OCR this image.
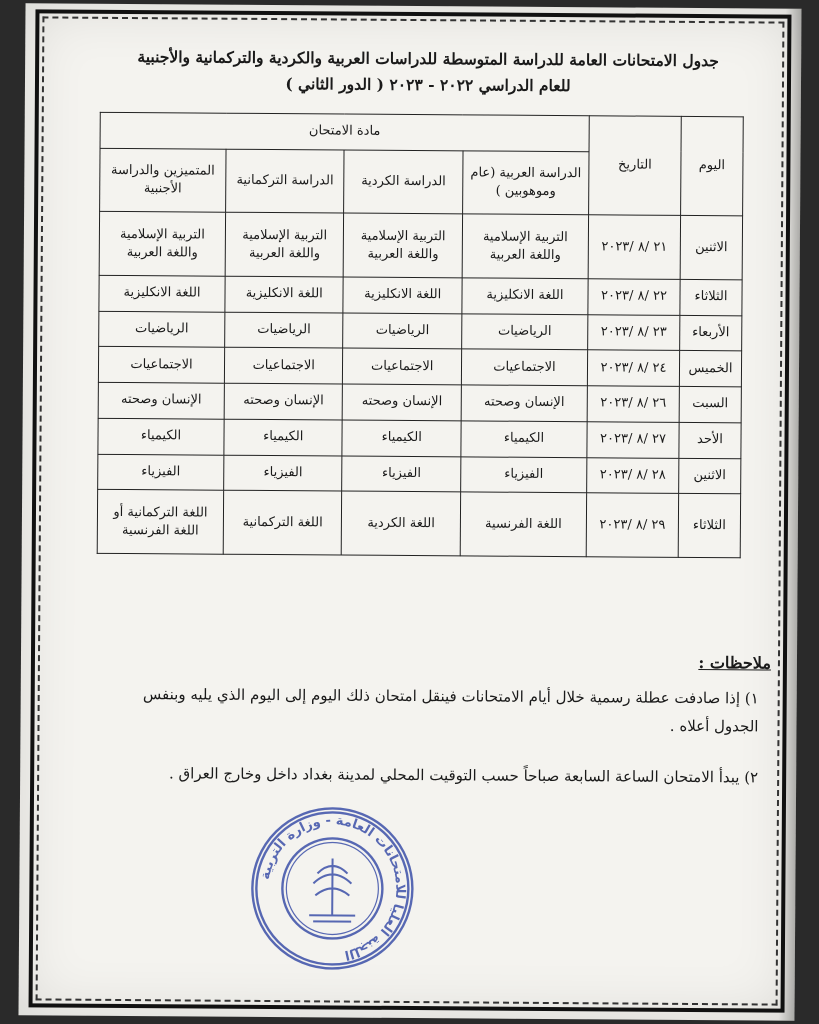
جدول الامتحانات العامة للدراسة المتوسطة للدراسات العربية والكردية والتركمانية والأجنبية
للعام الدراسي ٢٠٢٢ - ٢٠٢٣ ( الدور الثاني )
اليوم	التاريخ	مادة الامتحان			
		الدراسة العربية (عام وموهوبين )	الدراسة الكردية	الدراسة التركمانية	المتميزين والدراسة الأجنبية
الاثنين	٢١ /٨ /٢٠٢٣	التربية الإسلامية واللغة العربية	التربية الإسلامية واللغة العربية	التربية الإسلامية واللغة العربية	التربية الإسلامية واللغة العربية
الثلاثاء	٢٢ /٨ /٢٠٢٣	اللغة الانكليزية	اللغة الانكليزية	اللغة الانكليزية	اللغة الانكليزية
الأربعاء	٢٣ /٨ /٢٠٢٣	الرياضيات	الرياضيات	الرياضيات	الرياضيات
الخميس	٢٤ /٨ /٢٠٢٣	الاجتماعيات	الاجتماعيات	الاجتماعيات	الاجتماعيات
السبت	٢٦ /٨ /٢٠٢٣	الإنسان وصحته	الإنسان وصحته	الإنسان وصحته	الإنسان وصحته
الأحد	٢٧ /٨ /٢٠٢٣	الكيمياء	الكيمياء	الكيمياء	الكيمياء
الاثنين	٢٨ /٨ /٢٠٢٣	الفيزياء	الفيزياء	الفيزياء	الفيزياء
الثلاثاء	٢٩ /٨ /٢٠٢٣	اللغة الفرنسية	اللغة الكردية	اللغة التركمانية	اللغة التركمانية أو اللغة الفرنسية
ملاحظات :
١) إذا صادفت عطلة رسمية خلال أيام الامتحانات فينقل امتحان ذلك اليوم إلى اليوم الذي يليه وبنفس الجدول أعلاه .
٢) يبدأ الامتحان الساعة السابعة صباحاً حسب التوقيت المحلي لمدينة بغداد داخل وخارج العراق .
اللجنة العليا للامتحانات العامة - وزارة التربية
